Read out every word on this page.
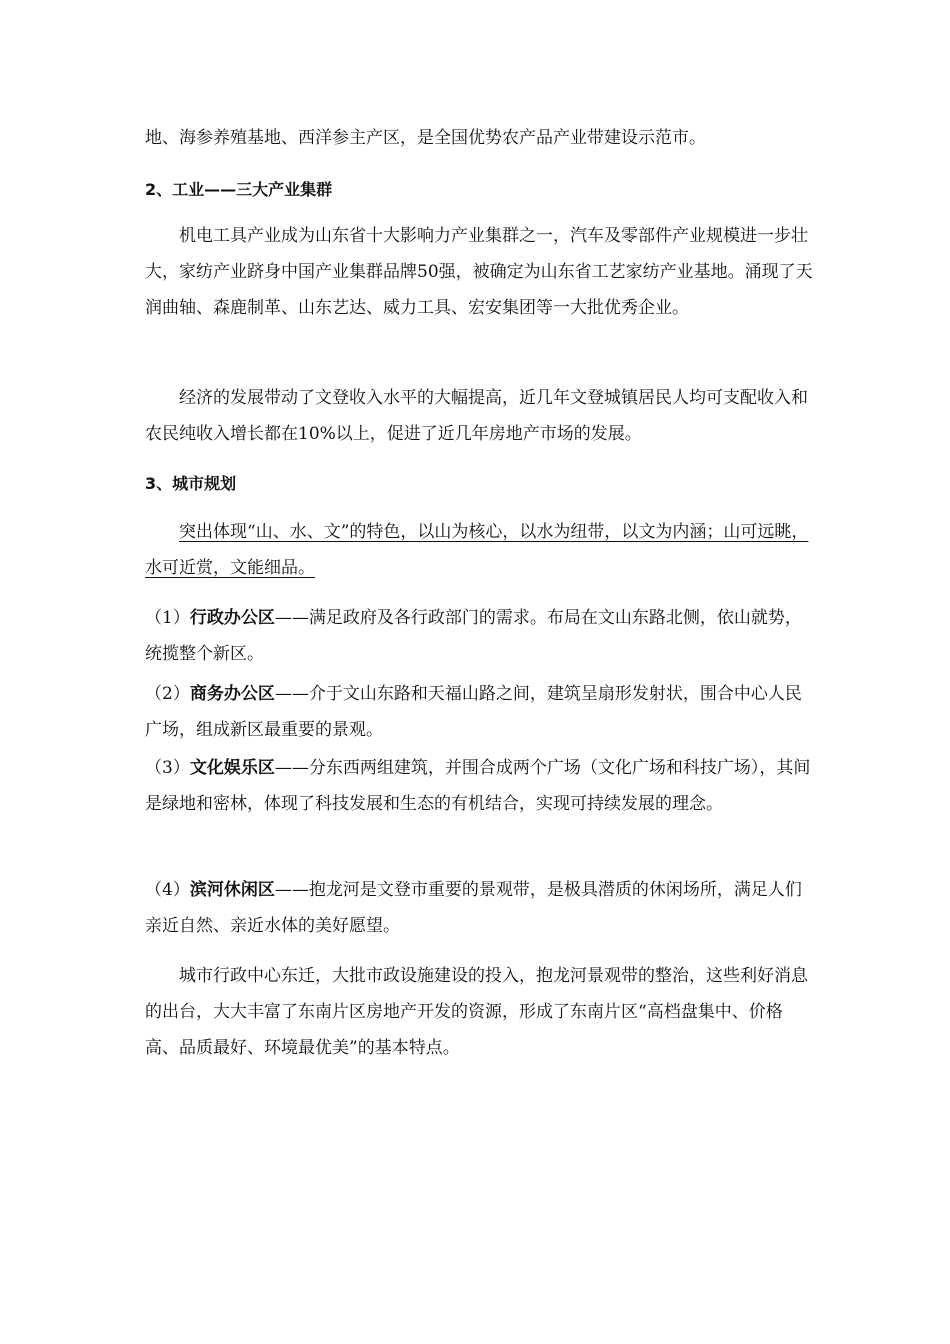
地、海参养殖基地、西洋参主产区，是全国优势农产品产业带建设示范市。
2、工业——三大产业集群
机电工具产业成为山东省十大影响力产业集群之一，汽车及零部件产业规模进一步壮大，家纺产业跻身中国产业集群品牌50强，被确定为山东省工艺家纺产业基地。涌现了天润曲轴、森鹿制革、山东艺达、威力工具、宏安集团等一大批优秀企业。
经济的发展带动了文登收入水平的大幅提高，近几年文登城镇居民人均可支配收入和农民纯收入增长都在10%以上，促进了近几年房地产市场的发展。
3、城市规划
突出体现“山、水、文”的特色，以山为核心，以水为纽带，以文为内涵；山可远眺，水可近赏，文能细品。
（1）行政办公区——满足政府及各行政部门的需求。布局在文山东路北侧，依山就势，统揽整个新区。
（2）商务办公区——介于文山东路和天福山路之间，建筑呈扇形发射状，围合中心人民广场，组成新区最重要的景观。
（3）文化娱乐区——分东西两组建筑，并围合成两个广场（文化广场和科技广场），其间是绿地和密林，体现了科技发展和生态的有机结合，实现可持续发展的理念。
（4）滨河休闲区——抱龙河是文登市重要的景观带，是极具潜质的休闲场所，满足人们亲近自然、亲近水体的美好愿望。
城市行政中心东迁，大批市政设施建设的投入，抱龙河景观带的整治，这些利好消息的出台，大大丰富了东南片区房地产开发的资源，形成了东南片区“高档盘集中、价格高、品质最好、环境最优美”的基本特点。
